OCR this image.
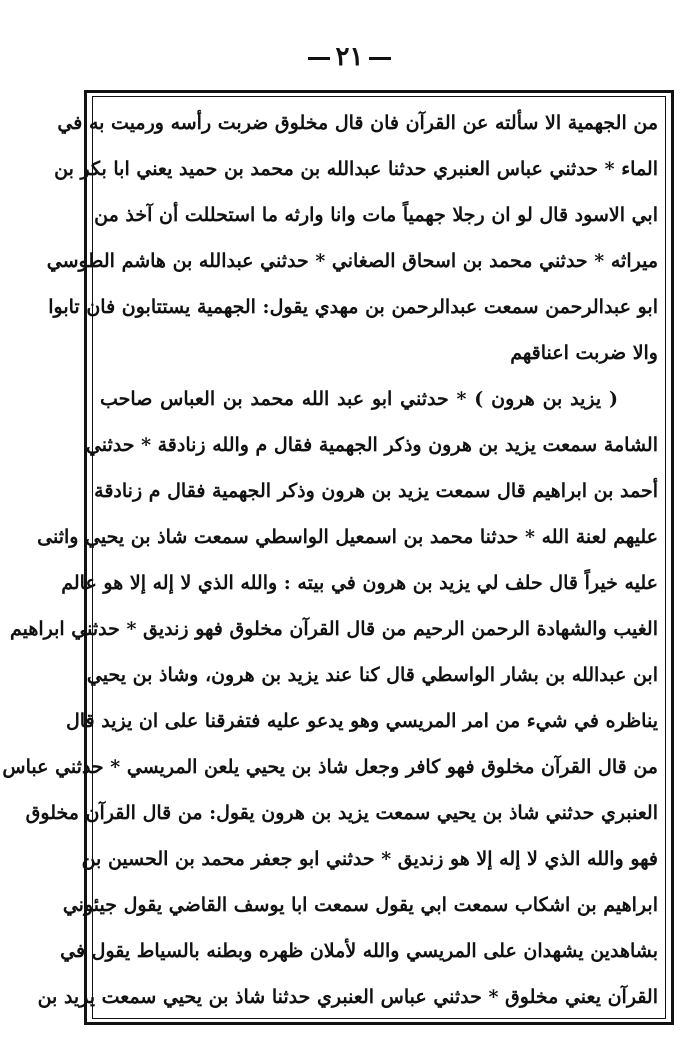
٢١
من الجهمية الا سألته عن القرآن فان قال مخلوق ضربت رأسه ورميت به في
الماء * حدثني عباس العنبري حدثنا عبدالله بن محمد بن حميد يعني ابا بكر بن
ابي الاسود قال لو ان رجلا جهمياً مات وانا وارثه ما استحللت أن آخذ من
ميراثه * حدثني محمد بن اسحاق الصغاني * حدثني عبدالله بن هاشم الطوسي
ابو عبدالرحمن سمعت عبدالرحمن بن مهدي يقول: الجهمية يستتابون فان تابوا
والا ضربت اعناقهم
( يزيد بن هرون ) * حدثني ابو عبد الله محمد بن العباس صاحب
الشامة سمعت يزيد بن هرون وذكر الجهمية فقال م والله زنادقة * حدثني
أحمد بن ابراهيم قال سمعت يزيد بن هرون وذكر الجهمية فقال م زنادقة
عليهم لعنة الله * حدثنا محمد بن اسمعيل الواسطي سمعت شاذ بن يحيي واثنى
عليه خيراً قال حلف لي يزيد بن هرون في بيته : والله الذي لا إله إلا هو عالم
الغيب والشهادة الرحمن الرحيم من قال القرآن مخلوق فهو زنديق * حدثني ابراهيم
ابن عبدالله بن بشار الواسطي قال كنا عند يزيد بن هرون، وشاذ بن يحيي
يناظره في شيء من امر المريسي وهو يدعو عليه فتفرقنا على ان يزيد قال
من قال القرآن مخلوق فهو كافر وجعل شاذ بن يحيي يلعن المريسي * حدثني عباس
العنبري حدثني شاذ بن يحيي سمعت يزيد بن هرون يقول: من قال القرآن مخلوق
فهو والله الذي لا إله إلا هو زنديق * حدثني ابو جعفر محمد بن الحسين بن
ابراهيم بن اشكاب سمعت ابي يقول سمعت ابا يوسف القاضي يقول جيئوني
بشاهدين يشهدان على المريسي والله لأملان ظهره وبطنه بالسياط يقول في
القرآن يعني مخلوق * حدثني عباس العنبري حدثنا شاذ بن يحيي سمعت يزيد بن
